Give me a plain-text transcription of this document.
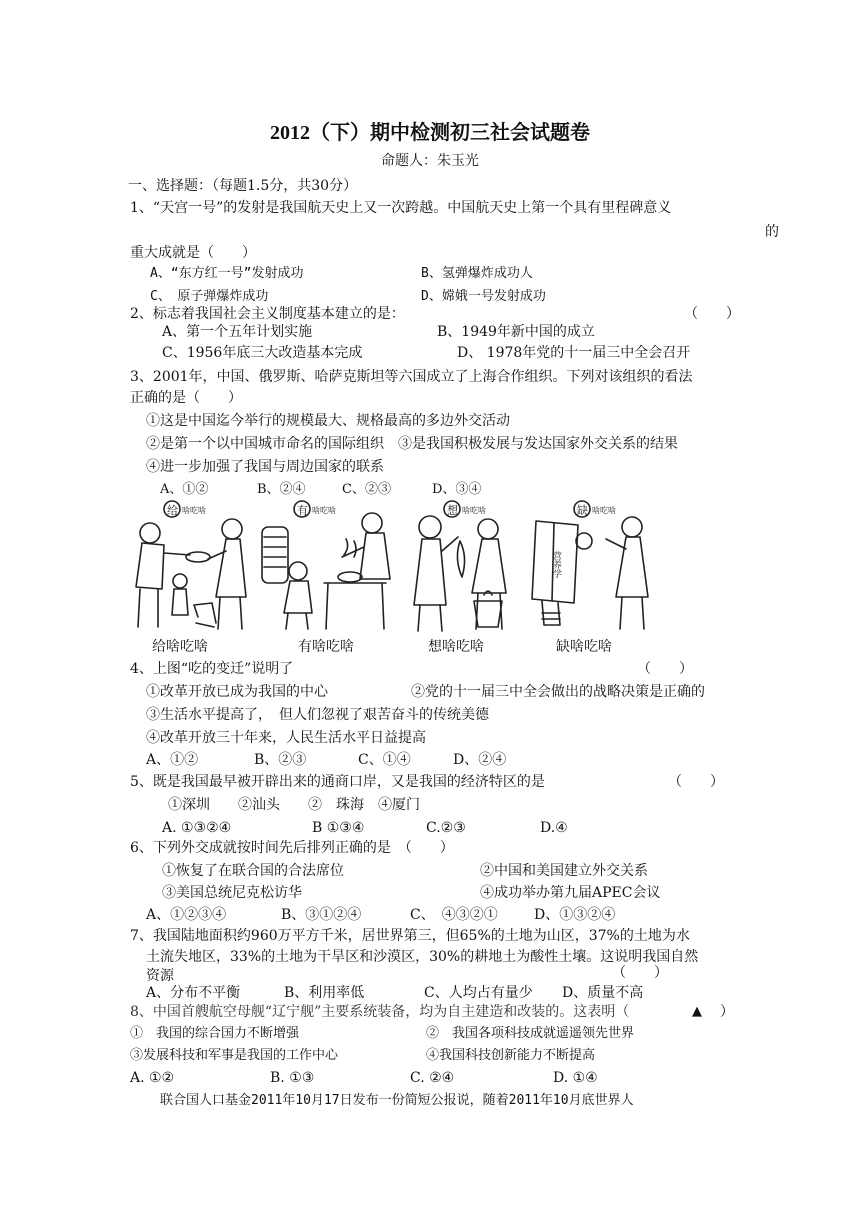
2012（下）期中检测初三社会试题卷
命题人：朱玉光
一、选择题：（每题1.5分，共30分）
1、“天宫一号”的发射是我国航天史上又一次跨越。中国航天史上第一个具有里程碑意义
的
重大成就是（　　）
A、“东方红一号”发射成功	B、氢弹爆炸成功人
C、　原子弹爆炸成功	D、嫦娥一号发射成功
2、标志着我国社会主义制度基本建立的是：	（　　）
A、第一个五年计划实施	B、1949年新中国的成立
C、1956年底三大改造基本完成	D、 1978年党的十一届三中全会召开
3、2001年，中国、俄罗斯、哈萨克斯坦等六国成立了上海合作组织。下列对该组织的看法
正确的是（　　）
①这是中国迄今举行的规模最大、规格最高的多边外交活动
②是第一个以中国城市命名的国际组织　③是我国积极发展与发达国家外交关系的结果
④进一步加强了我国与周边国家的联系
A、①②	B、②④	C、②③	D、③④
给 啥吃啥	有 啥吃啥	想 啥吃啥	缺 啥吃啥
营养学
给啥吃啥	有啥吃啥	想啥吃啥	缺啥吃啥
4、上图“吃的变迁”说明了	（　　）
①改革开放已成为我国的中心	②党的十一届三中全会做出的战略决策是正确的
③生活水平提高了，　但人们忽视了艰苦奋斗的传统美德
④改革开放三十年来，人民生活水平日益提高
A、①②	B、②③	C、①④	D、②④
5、既是我国最早被开辟出来的通商口岸，又是我国的经济特区的是	（　　）
①深圳　　②汕头　　②　珠海　④厦门
A. ①③②④	B ①③④	C.②③	D.④
6、下列外交成就按时间先后排列正确的是　（　　）
①恢复了在联合国的合法席位	②中国和美国建立外交关系
③美国总统尼克松访华	④成功举办第九届APEC会议
A、①②③④	B、③①②④	C、　④③②①	D、①③②④
7、我国陆地面积约960万平方千米，居世界第三，但65%的土地为山区，37%的土地为水
土流失地区，33%的土地为干旱区和沙漠区，30%的耕地土为酸性土壤。这说明我国自然
资源	（　　）
A、分布不平衡	B、利用率低	C、人均占有量少 D、质量不高
8、中国首艘航空母舰“辽宁舰”主要系统装备，均为自主建造和改装的。这表明（	▲ ）
①　我国的综合国力不断增强	②　我国各项科技成就遥遥领先世界
③发展科技和军事是我国的工作中心	④我国科技创新能力不断提高
A. ①②	B. ①③	C. ②④	D. ①④
联合国人口基金2011年10月17日发布一份简短公报说，随着2011年10月底世界人
